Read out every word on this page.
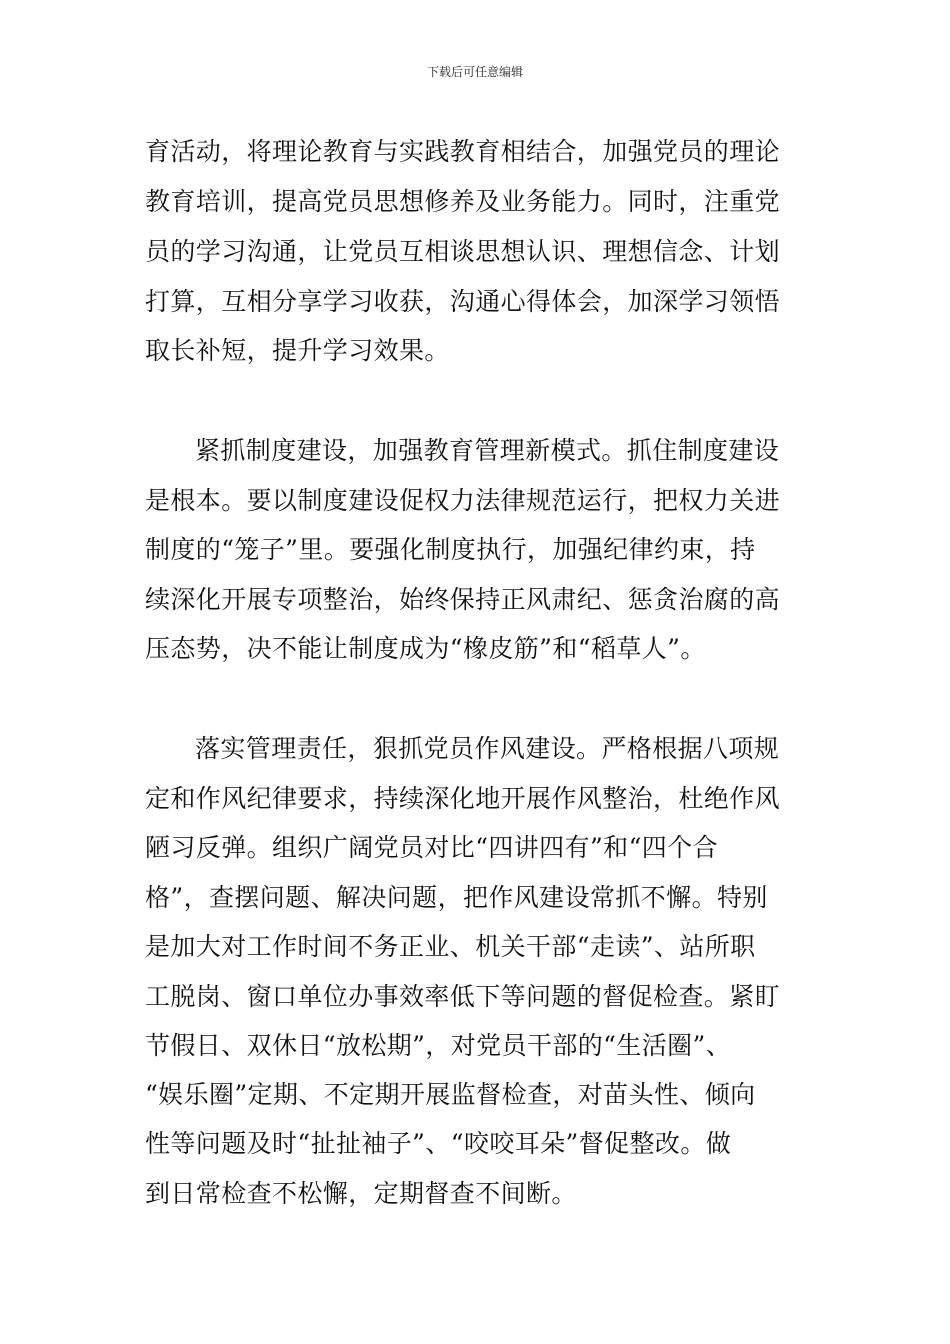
下载后可任意编辑
育活动，将理论教育与实践教育相结合，加强党员的理论
教育培训，提高党员思想修养及业务能力。同时，注重党
员的学习沟通，让党员互相谈思想认识、理想信念、计划
打算，互相分享学习收获，沟通心得体会，加深学习领悟
取长补短，提升学习效果。
紧抓制度建设，加强教育管理新模式。抓住制度建设
是根本。要以制度建设促权力法律规范运行，把权力关进
制度的“笼子”里。要强化制度执行，加强纪律约束，持
续深化开展专项整治，始终保持正风肃纪、惩贪治腐的高
压态势，决不能让制度成为“橡皮筋”和“稻草人”。
落实管理责任，狠抓党员作风建设。严格根据八项规
定和作风纪律要求，持续深化地开展作风整治，杜绝作风
陋习反弹。组织广阔党员对比“四讲四有”和“四个合
格”，查摆问题、解决问题，把作风建设常抓不懈。特别
是加大对工作时间不务正业、机关干部“走读”、站所职
工脱岗、窗口单位办事效率低下等问题的督促检查。紧盯
节假日、双休日“放松期”，对党员干部的“生活圈”、
“娱乐圈”定期、不定期开展监督检查，对苗头性、倾向
性等问题及时“扯扯袖子”、“咬咬耳朵”督促整改。做
到日常检查不松懈，定期督查不间断。
